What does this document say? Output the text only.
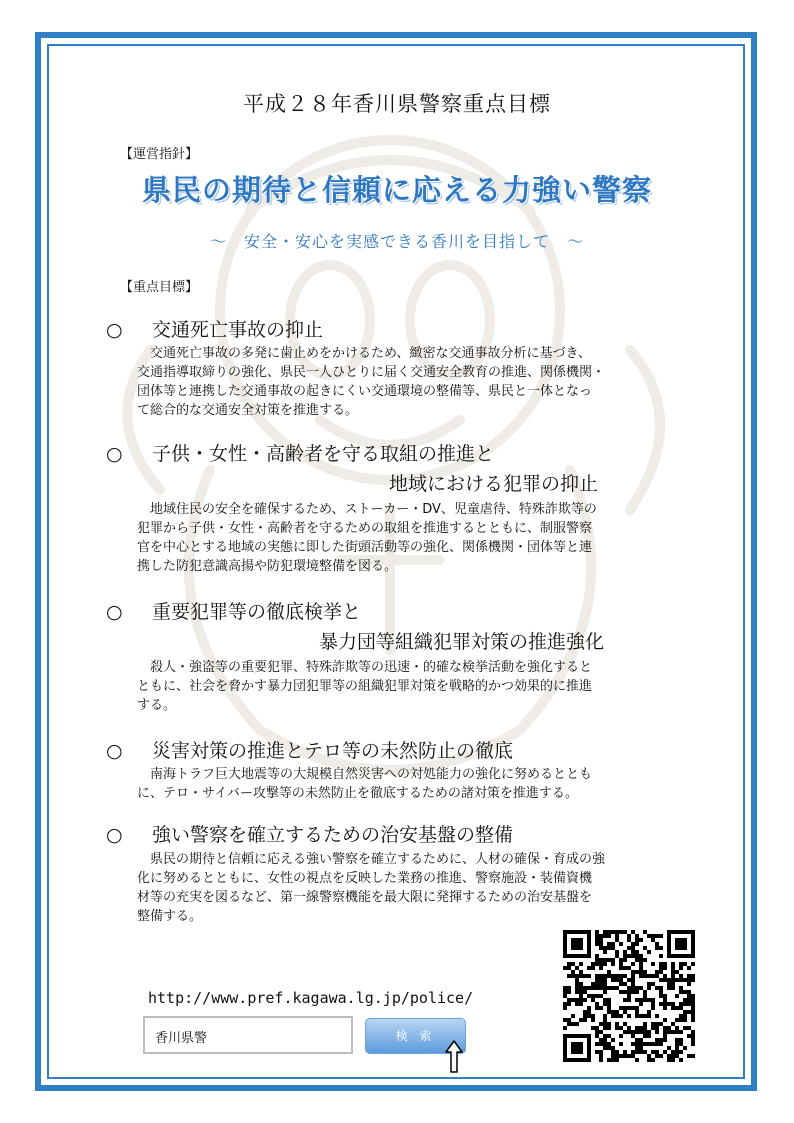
平成２８年香川県警察重点目標
【運営指針】
県民の期待と信頼に応える力強い警察
～　安全・安心を実感できる香川を目指して　～
【重点目標】
○ 交通死亡事故の抑止
交通死亡事故の多発に歯止めをかけるため、緻密な交通事故分析に基づき、
交通指導取締りの強化、県民一人ひとりに届く交通安全教育の推進、関係機関・
団体等と連携した交通事故の起きにくい交通環境の整備等、県民と一体となっ
て総合的な交通安全対策を推進する。
○ 子供・女性・高齢者を守る取組の推進と
地域における犯罪の抑止
地域住民の安全を確保するため、ストーカー・DV、児童虐待、特殊詐欺等の
犯罪から子供・女性・高齢者を守るための取組を推進するとともに、制服警察
官を中心とする地域の実態に即した街頭活動等の強化、関係機関・団体等と連
携した防犯意識高揚や防犯環境整備を図る。
○ 重要犯罪等の徹底検挙と
暴力団等組織犯罪対策の推進強化
殺人・強盗等の重要犯罪、特殊詐欺等の迅速・的確な検挙活動を強化すると
ともに、社会を脅かす暴力団犯罪等の組織犯罪対策を戦略的かつ効果的に推進
する。
○ 災害対策の推進とテロ等の未然防止の徹底
南海トラフ巨大地震等の大規模自然災害への対処能力の強化に努めるととも
に、テロ・サイバー攻撃等の未然防止を徹底するための諸対策を推進する。
○ 強い警察を確立するための治安基盤の整備
県民の期待と信頼に応える強い警察を確立するために、人材の確保・育成の強
化に努めるとともに、女性の視点を反映した業務の推進、警察施設・装備資機
材等の充実を図るなど、第一線警察機能を最大限に発揮するための治安基盤を
整備する。
http://www.pref.kagawa.lg.jp/police/
香川県警	検 索
